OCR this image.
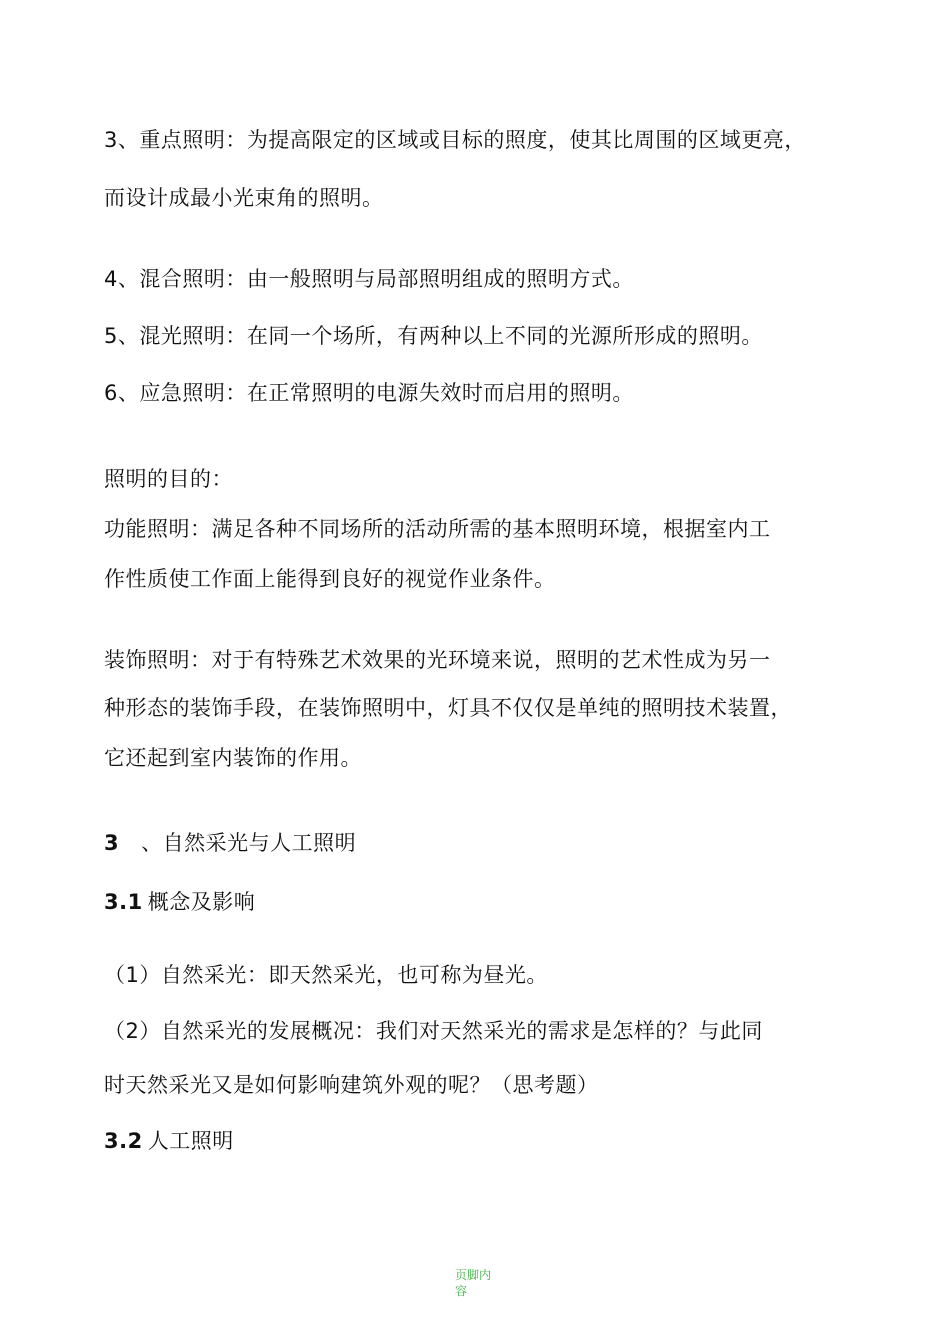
3、重点照明：为提高限定的区域或目标的照度，使其比周围的区域更亮，
而设计成最小光束角的照明。
4、混合照明：由一般照明与局部照明组成的照明方式。
5、混光照明：在同一个场所，有两种以上不同的光源所形成的照明。
6、应急照明：在正常照明的电源失效时而启用的照明。
照明的目的：
功能照明：满足各种不同场所的活动所需的基本照明环境，根据室内工
作性质使工作面上能得到良好的视觉作业条件。
装饰照明：对于有特殊艺术效果的光环境来说，照明的艺术性成为另一
种形态的装饰手段，在装饰照明中，灯具不仅仅是单纯的照明技术装置，
它还起到室内装饰的作用。
3 、自然采光与人工照明
3.1 概念及影响
（1）自然采光：即天然采光，也可称为昼光。
（2）自然采光的发展概况：我们对天然采光的需求是怎样的？与此同
时天然采光又是如何影响建筑外观的呢？（思考题）
3.2 人工照明
页脚内容
